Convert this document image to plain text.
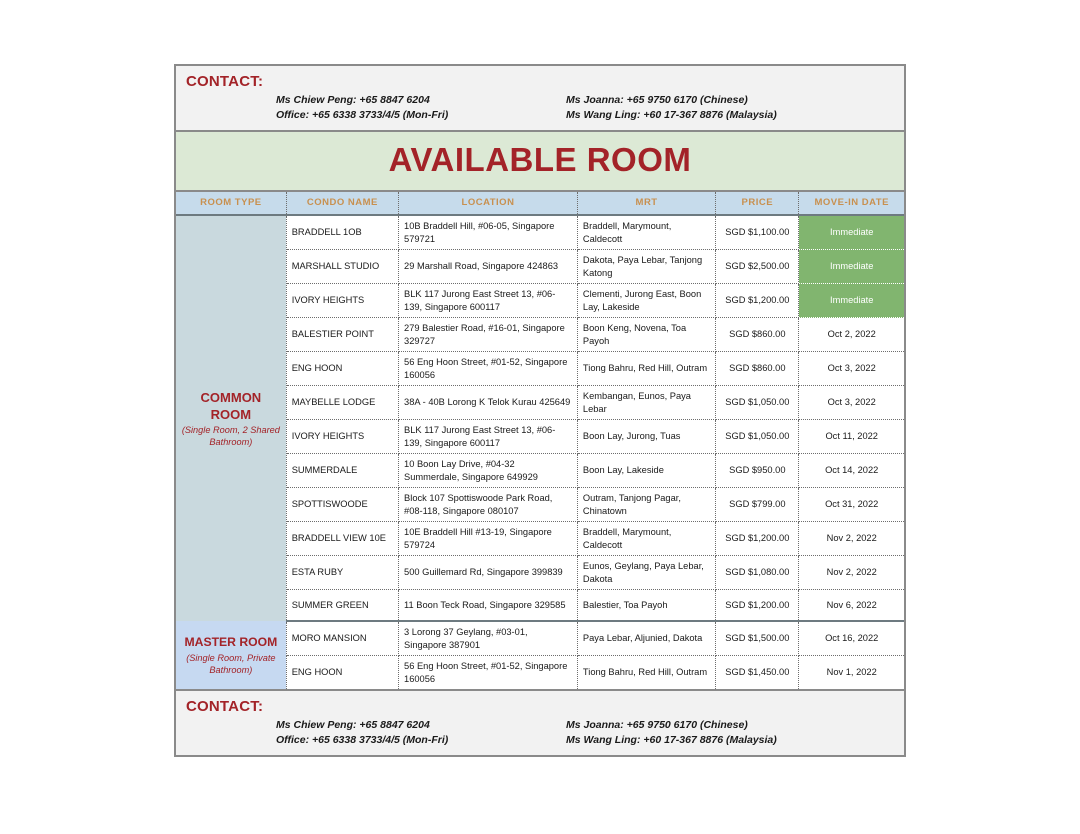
CONTACT:
Ms Chiew Peng: +65 8847 6204
Office: +65 6338 3733/4/5 (Mon-Fri)
Ms Joanna: +65 9750 6170 (Chinese)
Ms Wang Ling: +60 17-367 8876 (Malaysia)
AVAILABLE ROOM
ROOM TYPE	CONDO NAME	LOCATION	MRT	PRICE	MOVE-IN DATE

COMMON ROOM
(Single Room, 2 Shared Bathroom)	BRADDELL 1OB	10B Braddell Hill, #06-05, Singapore 579721	Braddell, Marymount, Caldecott	SGD $1,100.00	Immediate
	MARSHALL STUDIO	29 Marshall Road, Singapore 424863	Dakota, Paya Lebar, Tanjong Katong	SGD $2,500.00	Immediate
	IVORY HEIGHTS	BLK 117 Jurong East Street 13, #06-139, Singapore 600117	Clementi, Jurong East, Boon Lay, Lakeside	SGD $1,200.00	Immediate
	BALESTIER POINT	279 Balestier Road, #16-01, Singapore 329727	Boon Keng, Novena, Toa Payoh	SGD $860.00	Oct 2, 2022
	ENG HOON	56 Eng Hoon Street, #01-52, Singapore 160056	Tiong Bahru, Red Hill, Outram	SGD $860.00	Oct 3, 2022
	MAYBELLE LODGE	38A - 40B Lorong K Telok Kurau 425649	Kembangan, Eunos, Paya Lebar	SGD $1,050.00	Oct 3, 2022
	IVORY HEIGHTS	BLK 117 Jurong East Street 13, #06-139, Singapore 600117	Boon Lay, Jurong, Tuas	SGD $1,050.00	Oct 11, 2022
	SUMMERDALE	10 Boon Lay Drive, #04-32 Summerdale, Singapore 649929	Boon Lay, Lakeside	SGD $950.00	Oct 14, 2022
	SPOTTISWOODE	Block 107 Spottiswoode Park Road, #08-118, Singapore 080107	Outram, Tanjong Pagar, Chinatown	SGD $799.00	Oct 31, 2022
	BRADDELL VIEW 10E	10E Braddell Hill #13-19, Singapore 579724	Braddell, Marymount, Caldecott	SGD $1,200.00	Nov 2, 2022
	ESTA RUBY	500 Guillemard Rd, Singapore 399839	Eunos, Geylang, Paya Lebar, Dakota	SGD $1,080.00	Nov 2, 2022
	SUMMER GREEN	11 Boon Teck Road, Singapore 329585	Balestier, Toa Payoh	SGD $1,200.00	Nov 6, 2022

MASTER ROOM
(Single Room, Private Bathroom)	MORO MANSION	3 Lorong 37 Geylang, #03-01, Singapore 387901	Paya Lebar, Aljunied, Dakota	SGD $1,500.00	Oct 16, 2022
	ENG HOON	56 Eng Hoon Street, #01-52, Singapore 160056	Tiong Bahru, Red Hill, Outram	SGD $1,450.00	Nov 1, 2022
CONTACT:
Ms Chiew Peng: +65 8847 6204
Office: +65 6338 3733/4/5 (Mon-Fri)
Ms Joanna: +65 9750 6170 (Chinese)
Ms Wang Ling: +60 17-367 8876 (Malaysia)
